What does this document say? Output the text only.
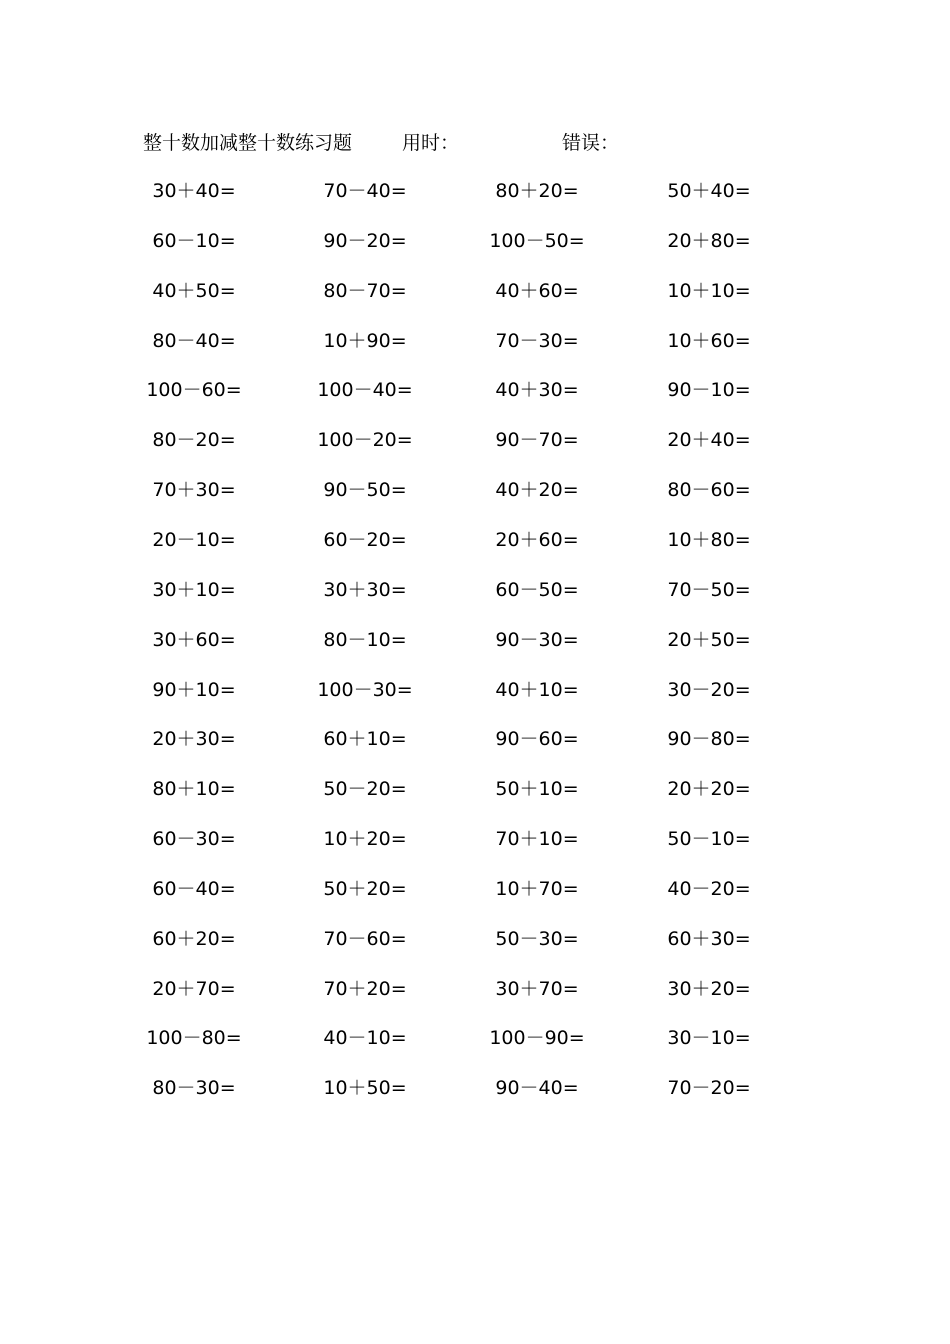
整十数加减整十数练习题	用时：	错误：
30＋40=	70－40=	80＋20=	50＋40=
60－10=	90－20=	100－50=	20＋80=
40＋50=	80－70=	40＋60=	10＋10=
80－40=	10＋90=	70－30=	10＋60=
100－60=	100－40=	40＋30=	90－10=
80－20=	100－20=	90－70=	20＋40=
70＋30=	90－50=	40＋20=	80－60=
20－10=	60－20=	20＋60=	10＋80=
30＋10=	30＋30=	60－50=	70－50=
30＋60=	80－10=	90－30=	20＋50=
90＋10=	100－30=	40＋10=	30－20=
20＋30=	60＋10=	90－60=	90－80=
80＋10=	50－20=	50＋10=	20＋20=
60－30=	10＋20=	70＋10=	50－10=
60－40=	50＋20=	10＋70=	40－20=
60＋20=	70－60=	50－30=	60＋30=
20＋70=	70＋20=	30＋70=	30＋20=
100－80=	40－10=	100－90=	30－10=
80－30=	10＋50=	90－40=	70－20=
